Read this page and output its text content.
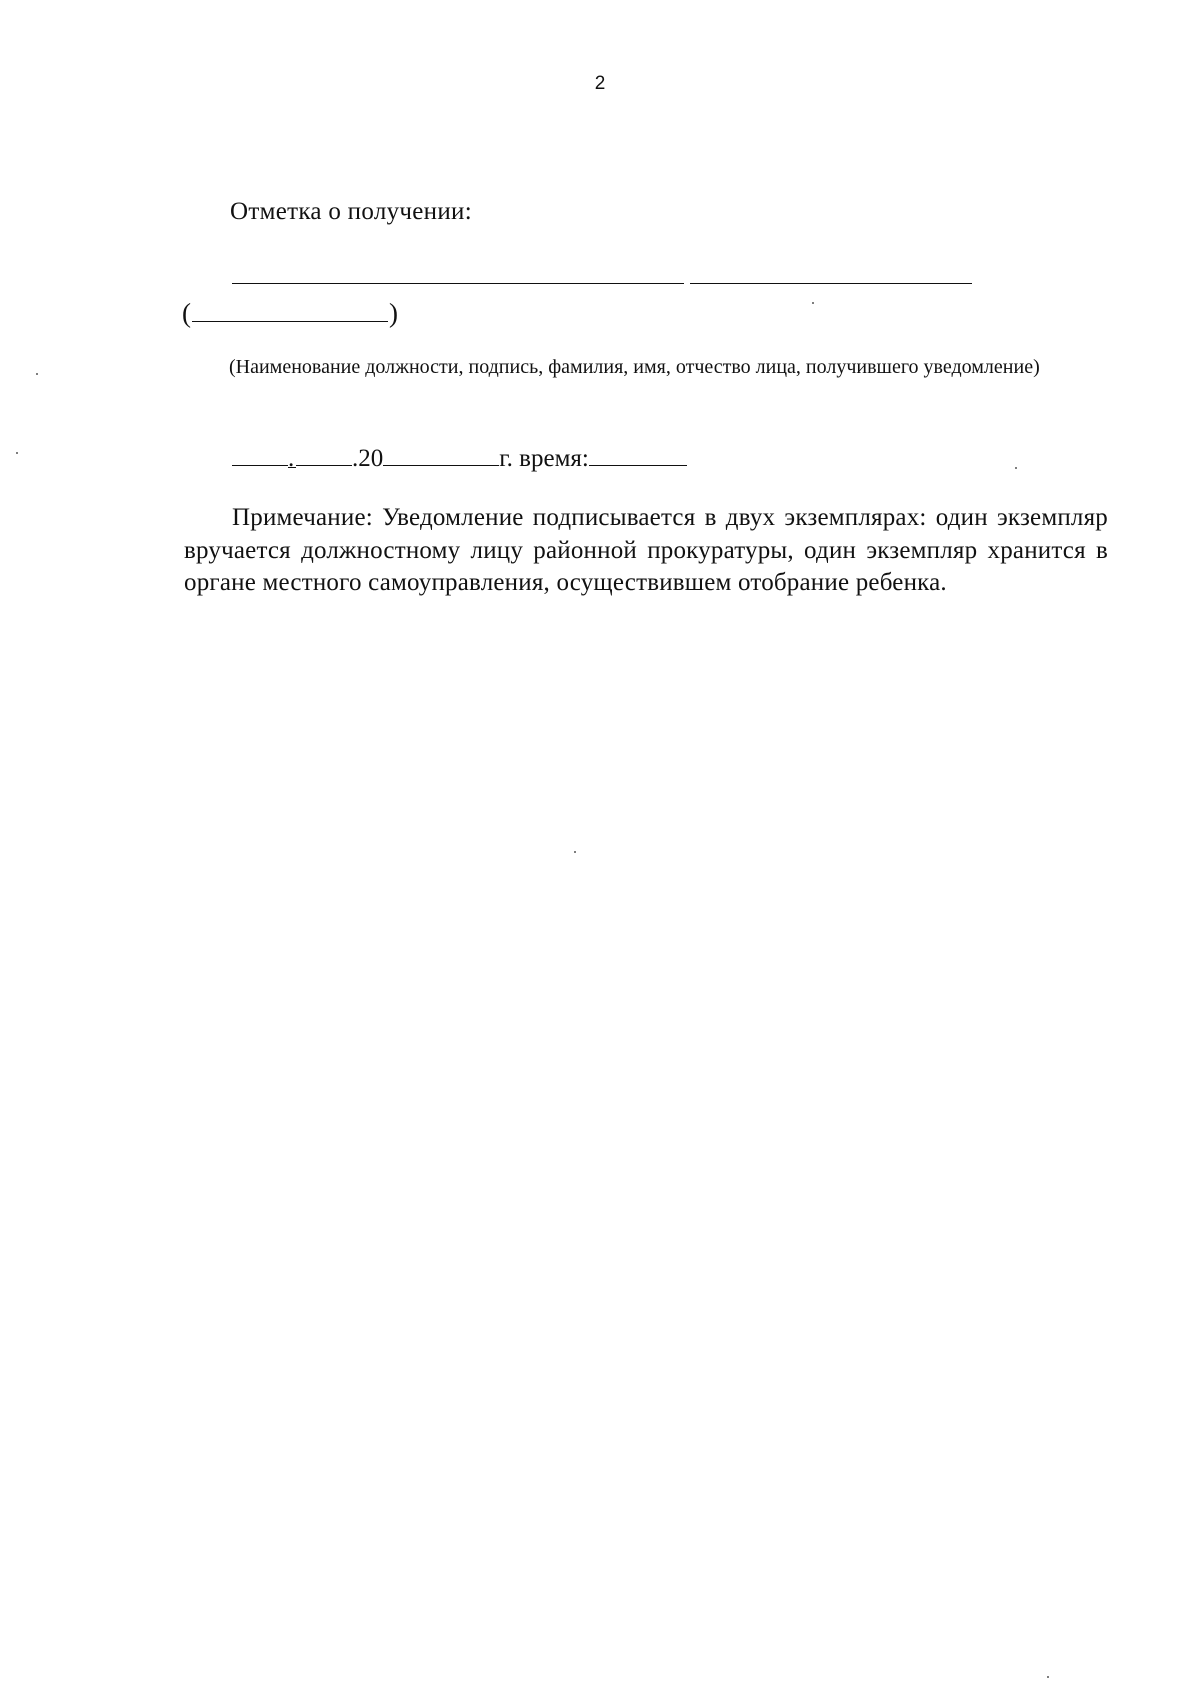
2
Отметка о получении:
(	)
(Наименование должности, подпись, фамилия, имя, отчество лица, получившего уведомление)
. .20	г. время:
Примечание: Уведомление подписывается в двух экземплярах: один экземпляр вручается должностному лицу районной прокуратуры, один экземпляр хранится в органе местного самоуправления, осуществившем отобрание ребенка.
